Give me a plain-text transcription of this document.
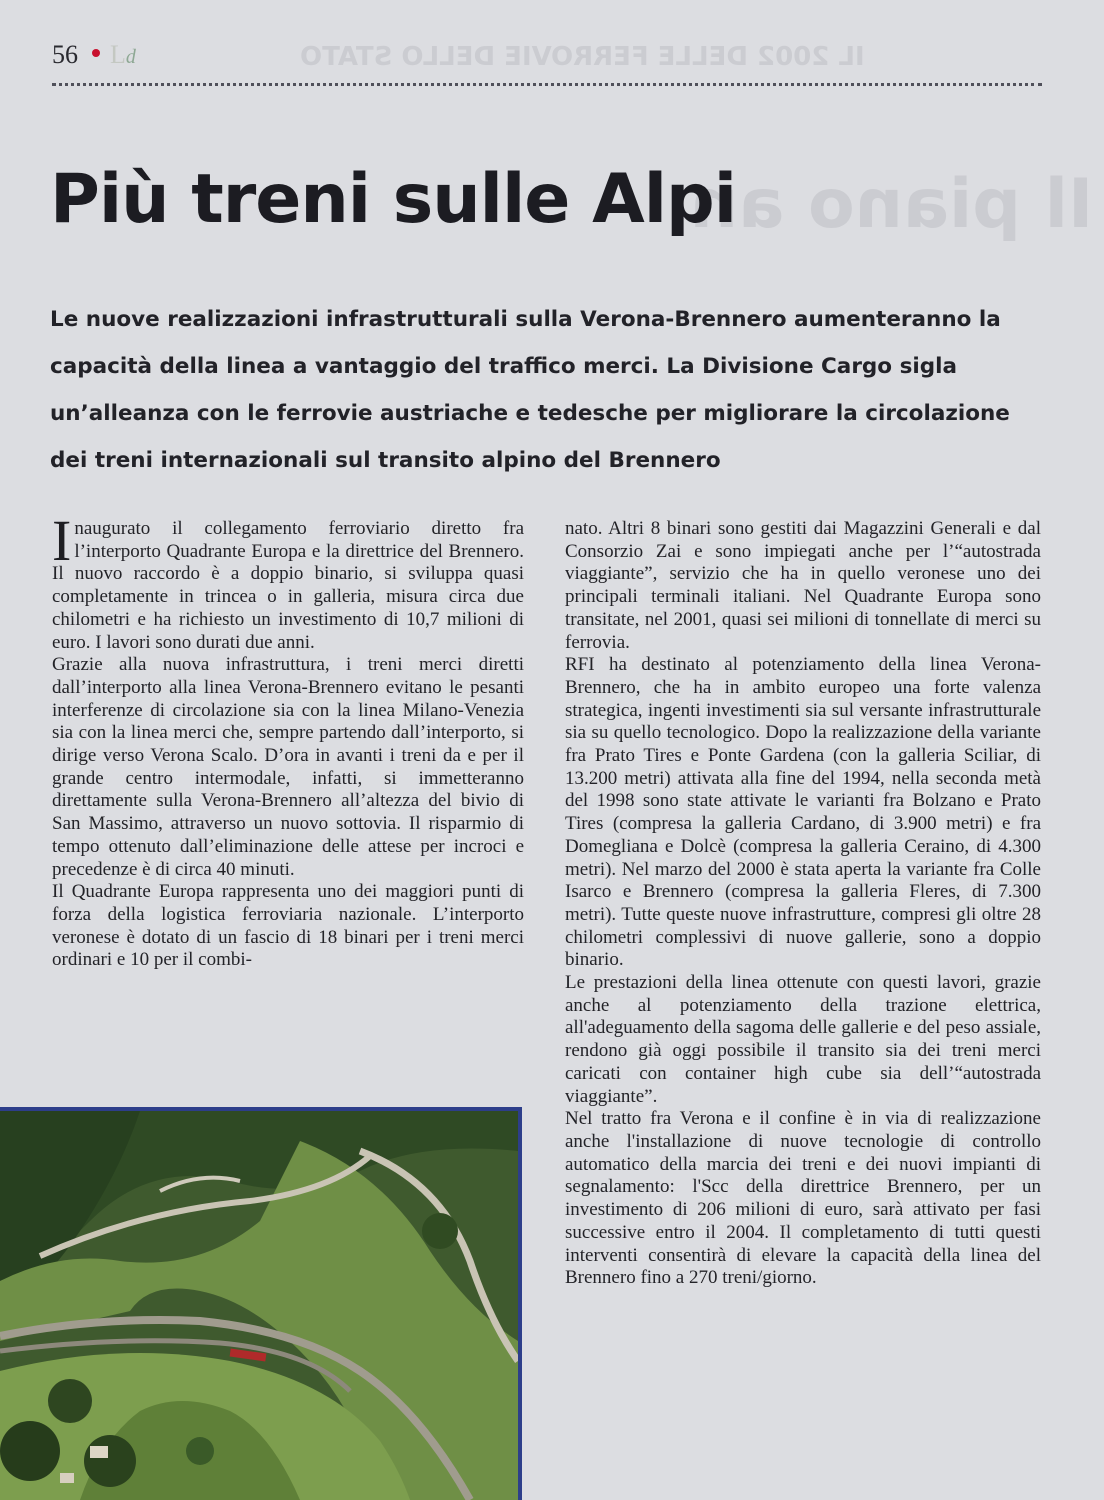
IL 2002 DELLE FERROVIE DELLO STATO
Il piano an
56 Ld
Più treni sulle Alpi

Le nuove realizzazioni infrastrutturali sulla Verona-Brennero aumenteranno la capacità della linea a vantaggio del traffico merci. La Divisione Cargo sigla un’alleanza con le ferrovie austriache e tedesche per migliorare la circolazione dei treni internazionali sul transito alpino del Brennero

Inaugurato il collegamento ferroviario diretto fra l’interporto Quadrante Europa e la direttrice del Brennero. Il nuovo raccordo è a doppio binario, si sviluppa quasi completamente in trincea o in galleria, misura circa due chilometri e ha richiesto un investimento di 10,7 milioni di euro. I lavori sono durati due anni.

Grazie alla nuova infrastruttura, i treni merci diretti dall’interporto alla linea Verona-Brennero evitano le pesanti interferenze di circolazione sia con la linea Milano-Venezia sia con la linea merci che, sempre partendo dall’interporto, si dirige verso Verona Scalo. D’ora in avanti i treni da e per il grande centro intermodale, infatti, si immetteranno direttamente sulla Verona-Brennero all’altezza del bivio di San Massimo, attraverso un nuovo sottovia. Il risparmio di tempo ottenuto dall’eliminazione delle attese per incroci e precedenze è di circa 40 minuti.

Il Quadrante Europa rappresenta uno dei maggiori punti di forza della logistica ferroviaria nazionale. L’interporto veronese è dotato di un fascio di 18 binari per i treni merci ordinari e 10 per il combi-

nato. Altri 8 binari sono gestiti dai Magazzini Generali e dal Consorzio Zai e sono impiegati anche per l’“autostrada viaggiante”, servizio che ha in quello veronese uno dei principali terminali italiani. Nel Quadrante Europa sono transitate, nel 2001, quasi sei milioni di tonnellate di merci su ferrovia.

RFI ha destinato al potenziamento della linea Verona-Brennero, che ha in ambito europeo una forte valenza strategica, ingenti investimenti sia sul versante infrastrutturale sia su quello tecnologico. Dopo la realizzazione della variante fra Prato Tires e Ponte Gardena (con la galleria Sciliar, di 13.200 metri) attivata alla fine del 1994, nella seconda metà del 1998 sono state attivate le varianti fra Bolzano e Prato Tires (compresa la galleria Cardano, di 3.900 metri) e fra Domegliana e Dolcè (compresa la galleria Ceraino, di 4.300 metri). Nel marzo del 2000 è stata aperta la variante fra Colle Isarco e Brennero (compresa la galleria Fleres, di 7.300 metri). Tutte queste nuove infrastrutture, compresi gli oltre 28 chilometri complessivi di nuove gallerie, sono a doppio binario.

Le prestazioni della linea ottenute con questi lavori, grazie anche al potenziamento della trazione elettrica, all'adeguamento della sagoma delle gallerie e del peso assiale, rendono già oggi possibile il transito sia dei treni merci caricati con container high cube sia dell’“autostrada viaggiante”.

Nel tratto fra Verona e il confine è in via di realizzazione anche l'installazione di nuove tecnologie di controllo automatico della marcia dei treni e dei nuovi impianti di segnalamento: l'Scc della direttrice Brennero, per un investimento di 206 milioni di euro, sarà attivato per fasi successive entro il 2004. Il completamento di tutti questi interventi consentirà di elevare la capacità della linea del Brennero fino a 270 treni/giorno.
